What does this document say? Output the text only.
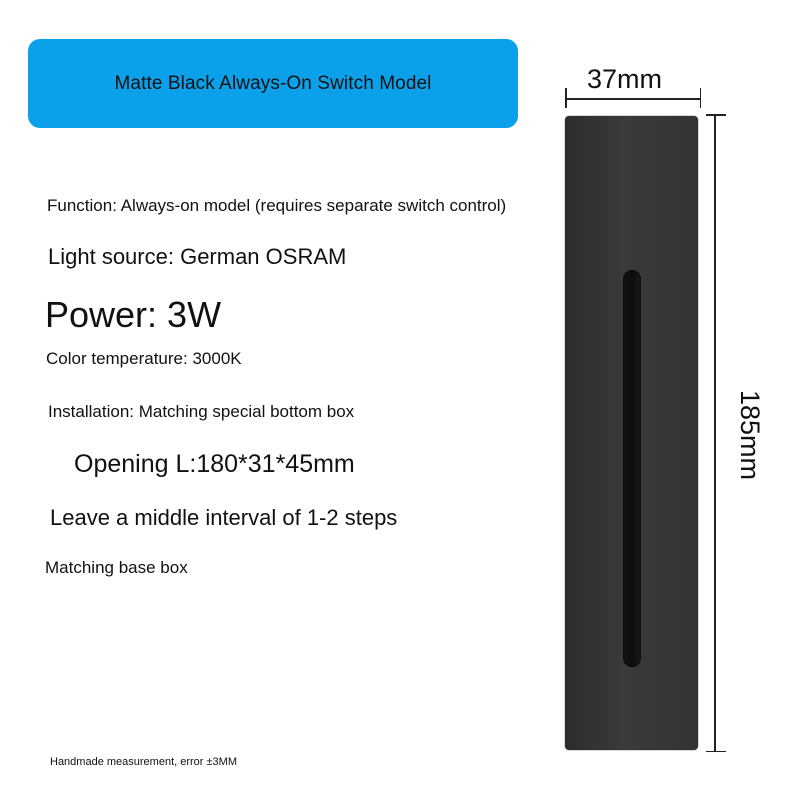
Matte Black Always-On Switch Model
Function: Always-on model (requires separate switch control)
Light source: German OSRAM
Power: 3W
Color temperature: 3000K
Installation: Matching special bottom box
Opening L:180*31*45mm
Leave a middle interval of 1-2 steps
Matching base box
Handmade measurement, error ±3MM
37mm
185mm
